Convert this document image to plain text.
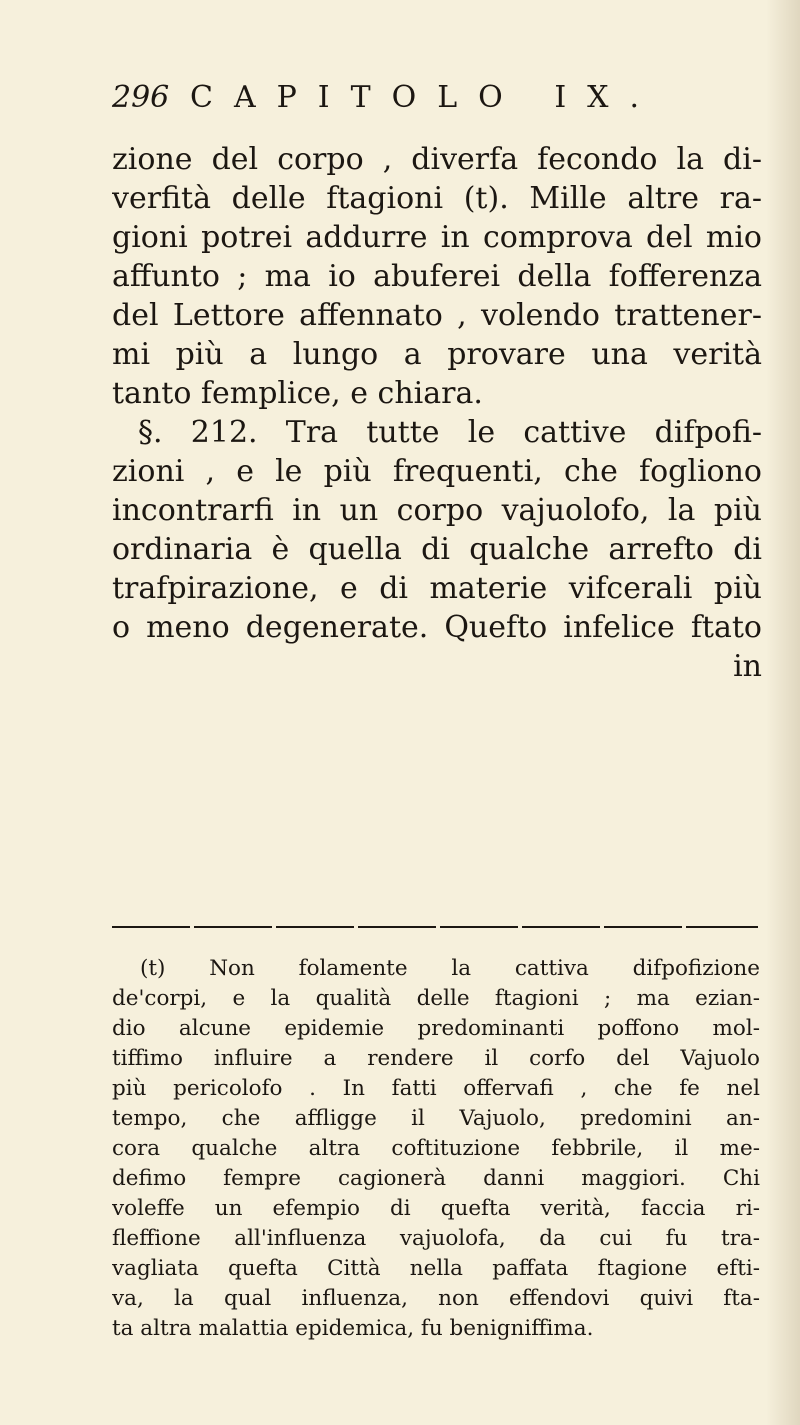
296 CAPITOLO IX.
zione del corpo , diverfa fecondo la di-
verfità delle ftagioni (t). Mille altre ra-
gioni potrei addurre in comprova del mio
affunto ; ma io abuferei della fofferenza
del Lettore affennato , volendo trattener-
mi più a lungo a provare una verità
tanto femplice, e chiara.
§. 212. Tra tutte le cattive difpofi-
zioni , e le più frequenti, che fogliono
incontrarfi in un corpo vajuolofo, la più
ordinaria è quella di qualche arrefto di
trafpirazione, e di materie vifcerali più
o meno degenerate. Quefto infelice ftato
in
(t) Non folamente la cattiva difpofizione
de'corpi, e la qualità delle ftagioni ; ma ezian-
dio alcune epidemie predominanti poffono mol-
tiffimo influire a rendere il corfo del Vajuolo
più pericolofo . In fatti offervafi , che fe nel
tempo, che affligge il Vajuolo, predomini an-
cora qualche altra coftituzione febbrile, il me-
defimo fempre cagionerà danni maggiori. Chi
voleffe un efempio di quefta verità, faccia ri-
fleffione all'influenza vajuolofa, da cui fu tra-
vagliata quefta Città nella paffata ftagione efti-
va, la qual influenza, non effendovi quivi fta-
ta altra malattia epidemica, fu benigniffima.
